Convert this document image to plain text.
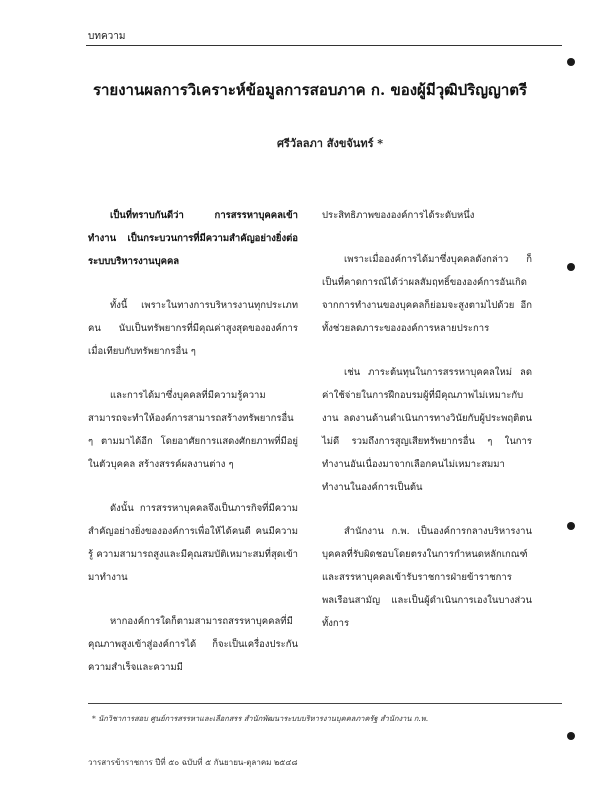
บทความ
รายงานผลการวิเคราะห์ข้อมูลการสอบภาค ก. ของผู้มีวุฒิปริญญาตรี
ศรีวัลลภา สังขจันทร์ *

เป็นที่ทราบกันดีว่า การสรรหาบุคคลเข้าทำงาน เป็นกระบวนการที่มีความสำคัญอย่างยิ่งต่อระบบบริหารงานบุคคล

ทั้งนี้ เพราะในทางการบริหารงานทุกประเภท คน นับเป็นทรัพยากรที่มีคุณค่าสูงสุดขององค์การ เมื่อเทียบกับทรัพยากรอื่น ๆ

และการได้มาซึ่งบุคคลที่มีความรู้ความสามารถจะทำให้องค์การสามารถสร้างทรัพยากรอื่น ๆ ตามมาได้อีก โดยอาศัยการแสดงศักยภาพที่มีอยู่ในตัวบุคคล สร้างสรรค์ผลงานต่าง ๆ

ดังนั้น การสรรหาบุคคลจึงเป็นภารกิจที่มีความสำคัญอย่างยิ่งขององค์การเพื่อให้ได้คนดี คนมีความรู้ ความสามารถสูงและมีคุณสมบัติเหมาะสมที่สุดเข้ามาทำงาน

หากองค์การใดก็ตามสามารถสรรหาบุคคลที่มีคุณภาพสูงเข้าสู่องค์การได้ ก็จะเป็นเครื่องประกันความสำเร็จและความมี

ประสิทธิภาพขององค์การได้ระดับหนึ่ง

เพราะเมื่อองค์การได้มาซึ่งบุคคลดังกล่าว ก็เป็นที่คาดการณ์ได้ว่าผลสัมฤทธิ์ขององค์การอันเกิดจากการทำงานของบุคคลก็ย่อมจะสูงตามไปด้วย อีกทั้งช่วยลดภาระขององค์การหลายประการ

เช่น ภาระต้นทุนในการสรรหาบุคคลใหม่ ลดค่าใช้จ่ายในการฝึกอบรมผู้ที่มีคุณภาพไม่เหมาะกับงาน ลดงานด้านดำเนินการทางวินัยกับผู้ประพฤติตนไม่ดี รวมถึงการสูญเสียทรัพยากรอื่น ๆ ในการทำงานอันเนื่องมาจากเลือกคนไม่เหมาะสมมาทำงานในองค์การเป็นต้น

สำนักงาน ก.พ. เป็นองค์การกลางบริหารงานบุคคลที่รับผิดชอบโดยตรงในการกำหนดหลักเกณฑ์และสรรหาบุคคลเข้ารับราชการฝ่ายข้าราชการพลเรือนสามัญ และเป็นผู้ดำเนินการเองในบางส่วน ทั้งการ

* นักวิชาการสอบ ศูนย์การสรรหาและเลือกสรร สำนักพัฒนาระบบบริหารงานบุคคลภาครัฐ สำนักงาน ก.พ.
วารสารข้าราชการ ปีที่ ๕๐ ฉบับที่ ๕ กันยายน-ตุลาคม ๒๕๔๘
